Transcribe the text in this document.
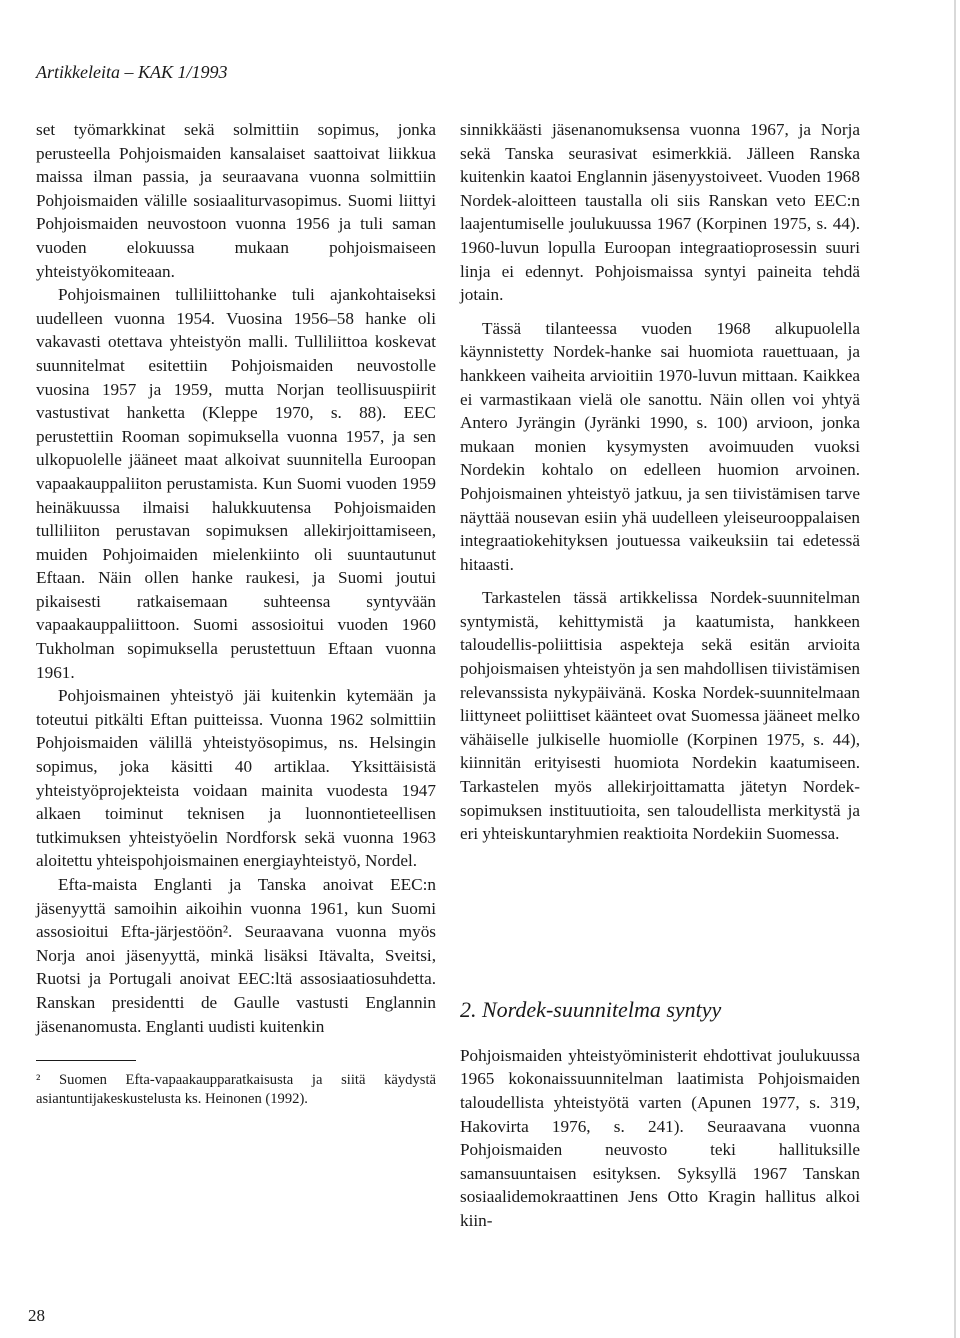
Artikkeleita – KAK 1/1993

set työmarkkinat sekä solmittiin sopimus, jonka perusteella Pohjoismaiden kansalaiset saattoivat liikkua maissa ilman passia, ja seuraavana vuonna solmittiin Pohjoismaiden välille sosiaaliturvasopimus. Suomi liittyi Pohjoismaiden neuvostoon vuonna 1956 ja tuli saman vuoden elokuussa mukaan pohjoismaiseen yhteistyökomiteaan.

Pohjoismainen tulliliittohanke tuli ajankohtaiseksi uudelleen vuonna 1954. Vuosina 1956–58 hanke oli vakavasti otettava yhteistyön malli. Tulliliittoa koskevat suunnitelmat esitettiin Pohjoismaiden neuvostolle vuosina 1957 ja 1959, mutta Norjan teollisuuspiirit vastustivat hanketta (Kleppe 1970, s. 88). EEC perustettiin Rooman sopimuksella vuonna 1957, ja sen ulkopuolelle jääneet maat alkoivat suunnitella Euroopan vapaakauppaliiton perustamista. Kun Suomi vuoden 1959 heinäkuussa ilmaisi halukkuutensa Pohjoismaiden tulliliiton perustavan sopimuksen allekirjoittamiseen, muiden Pohjoimaiden mielenkiinto oli suuntautunut Eftaan. Näin ollen hanke raukesi, ja Suomi joutui pikaisesti ratkaisemaan suhteensa syntyvään vapaakauppaliittoon. Suomi assosioitui vuoden 1960 Tukholman sopimuksella perustettuun Eftaan vuonna 1961.

Pohjoismainen yhteistyö jäi kuitenkin kytemään ja toteutui pitkälti Eftan puitteissa. Vuonna 1962 solmittiin Pohjoismaiden välillä yhteistyösopimus, ns. Helsingin sopimus, joka käsitti 40 artiklaa. Yksittäisistä yhteistyöprojekteista voidaan mainita vuodesta 1947 alkaen toiminut teknisen ja luonnontieteellisen tutkimuksen yhteistyöelin Nordforsk sekä vuonna 1963 aloitettu yhteispohjoismainen energiayhteistyö, Nordel.

Efta-maista Englanti ja Tanska anoivat EEC:n jäsenyyttä samoihin aikoihin vuonna 1961, kun Suomi assosioitui Efta-järjestöön². Seuraavana vuonna myös Norja anoi jäsenyyttä, minkä lisäksi Itävalta, Sveitsi, Ruotsi ja Portugali anoivat EEC:ltä assosiaatiosuhdetta. Ranskan presidentti de Gaulle vastusti Englannin jäsenanomusta. Englanti uudisti kuitenkin

² Suomen Efta-vapaakaupparatkaisusta ja siitä käydystä asiantuntijakeskustelusta ks. Heinonen (1992).

sinnikkäästi jäsenanomuksensa vuonna 1967, ja Norja sekä Tanska seurasivat esimerkkiä. Jälleen Ranska kuitenkin kaatoi Englannin jäsenyystoiveet. Vuoden 1968 Nordek-aloitteen taustalla oli siis Ranskan veto EEC:n laajentumiselle joulukuussa 1967 (Korpinen 1975, s. 44). 1960-luvun lopulla Euroopan integraatioprosessin suuri linja ei edennyt. Pohjoismaissa syntyi paineita tehdä jotain.

Tässä tilanteessa vuoden 1968 alkupuolella käynnistetty Nordek-hanke sai huomiota rauettuaan, ja hankkeen vaiheita arvioitiin 1970-luvun mittaan. Kaikkea ei varmastikaan vielä ole sanottu. Näin ollen voi yhtyä Antero Jyrängin (Jyränki 1990, s. 100) arvioon, jonka mukaan monien kysymysten avoimuuden vuoksi Nordekin kohtalo on edelleen huomion arvoinen. Pohjoismainen yhteistyö jatkuu, ja sen tiivistämisen tarve näyttää nousevan esiin yhä uudelleen yleiseurooppalaisen integraatiokehityksen joutuessa vaikeuksiin tai edetessä hitaasti.

Tarkastelen tässä artikkelissa Nordek-suunnitelman syntymistä, kehittymistä ja kaatumista, hankkeen taloudellis-poliittisia aspekteja sekä esitän arvioita pohjoismaisen yhteistyön ja sen mahdollisen tiivistämisen relevanssista nykypäivänä. Koska Nordek-suunnitelmaan liittyneet poliittiset käänteet ovat Suomessa jääneet melko vähäiselle julkiselle huomiolle (Korpinen 1975, s. 44), kiinnitän erityisesti huomiota Nordekin kaatumiseen. Tarkastelen myös allekirjoittamatta jätetyn Nordek-sopimuksen instituutioita, sen taloudellista merkitystä ja eri yhteiskuntaryhmien reaktioita Nordekiin Suomessa.

2. Nordek-suunnitelma syntyy

Pohjoismaiden yhteistyöministerit ehdottivat joulukuussa 1965 kokonaissuunnitelman laatimista Pohjoismaiden taloudellista yhteistyötä varten (Apunen 1977, s. 319, Hakovirta 1976, s. 241). Seuraavana vuonna Pohjoismaiden neuvosto teki hallituksille samansuuntaisen esityksen. Syksyllä 1967 Tanskan sosiaalidemokraattinen Jens Otto Kragin hallitus alkoi kiin-

28
